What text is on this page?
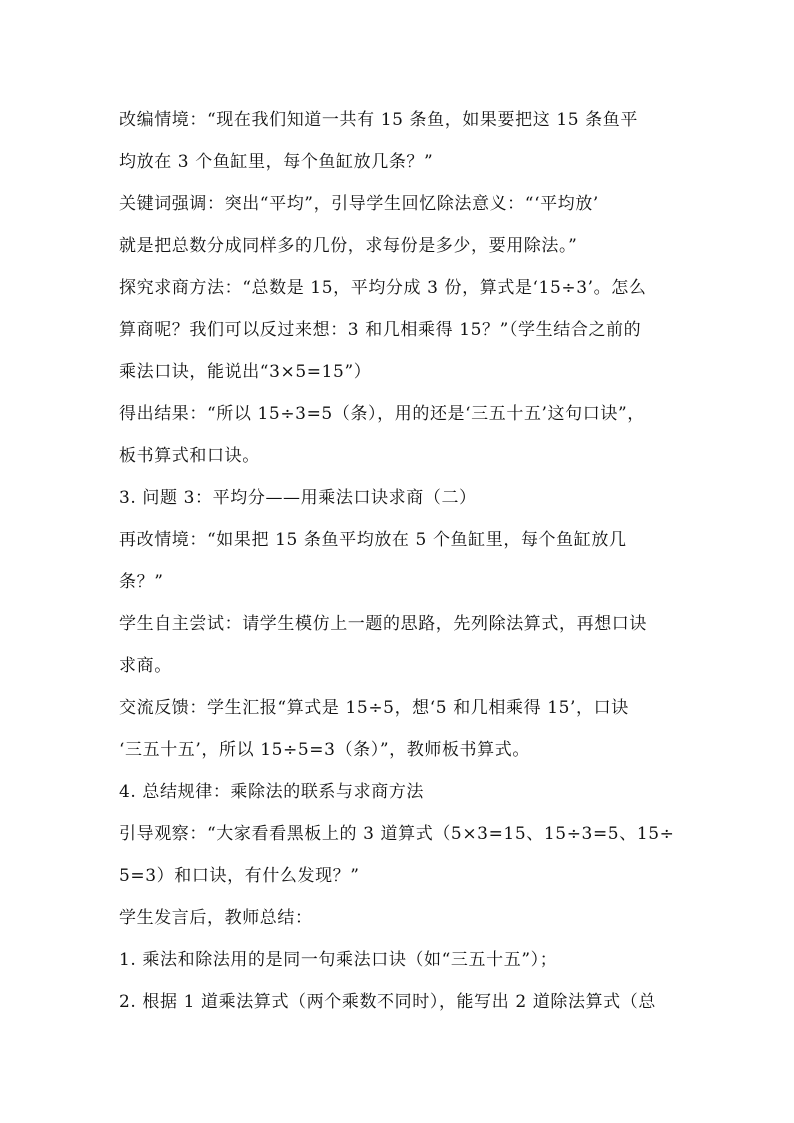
改编情境：“现在我们知道一共有 15 条鱼，如果要把这 15 条鱼平
均放在 3 个鱼缸里，每个鱼缸放几条？”
关键词强调：突出“平均”，引导学生回忆除法意义：“‘平均放’
就是把总数分成同样多的几份，求每份是多少，要用除法。”
探究求商方法：“总数是 15，平均分成 3 份，算式是‘15÷3’。怎么
算商呢？我们可以反过来想：3 和几相乘得 15？”（学生结合之前的
乘法口诀，能说出“3×5=15”）
得出结果：“所以 15÷3=5（条），用的还是‘三五十五’这句口诀”，
板书算式和口诀。
3. 问题 3：平均分——用乘法口诀求商（二）
再改情境：“如果把 15 条鱼平均放在 5 个鱼缸里，每个鱼缸放几
条？”
学生自主尝试：请学生模仿上一题的思路，先列除法算式，再想口诀
求商。
交流反馈：学生汇报“算式是 15÷5，想‘5 和几相乘得 15’，口诀
‘三五十五’，所以 15÷5=3（条）”，教师板书算式。
4. 总结规律：乘除法的联系与求商方法
引导观察：“大家看看黑板上的 3 道算式（5×3=15、15÷3=5、15÷
5=3）和口诀，有什么发现？”
学生发言后，教师总结：
1. 乘法和除法用的是同一句乘法口诀（如“三五十五”）；
2. 根据 1 道乘法算式（两个乘数不同时），能写出 2 道除法算式（总
